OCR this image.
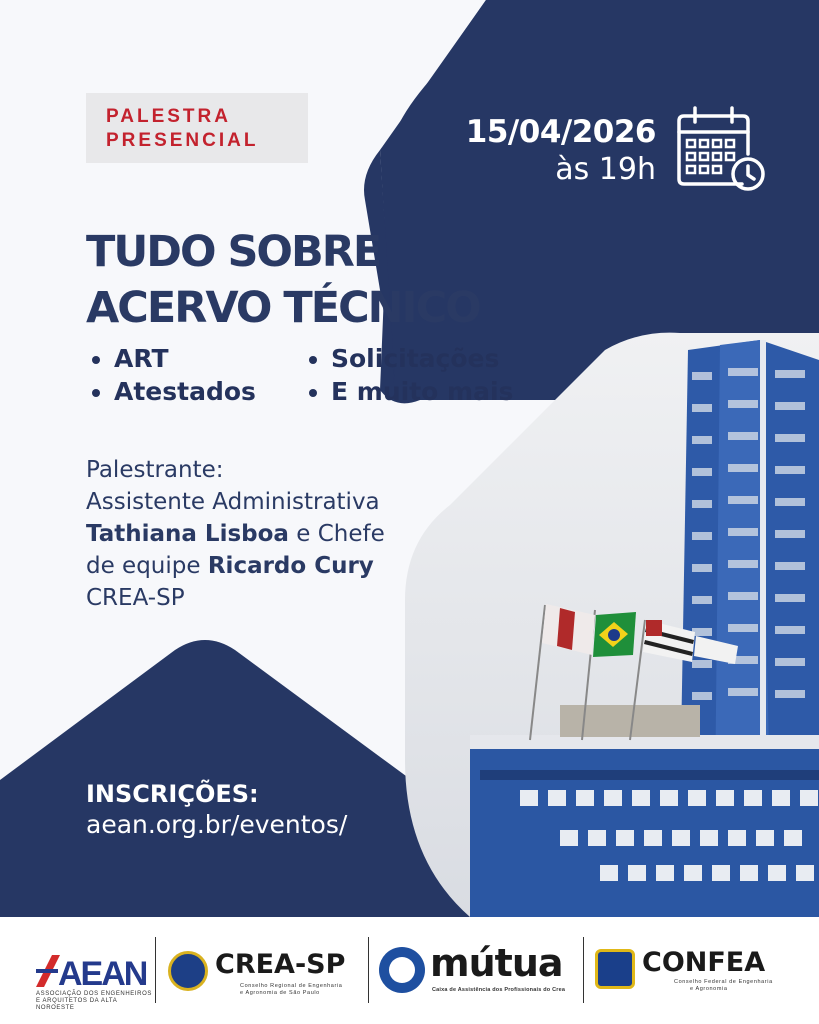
PALESTRA
PRESENCIAL	15/04/2026
às 19h
TUDO SOBRE
ACERVO TÉCNICO
ART
Atestados
Solicitações
E muito mais
Palestrante:
Assistente Administrativa
Tathiana Lisboa e Chefe
de equipe Ricardo Cury
CREA-SP
INSCRIÇÕES:
aean.org.br/eventos/
AEAN
ASSOCIAÇÃO DOS ENGENHEIROS
E ARQUITETOS DA ALTA NOROESTE
CREA-SP
Conselho Regional de Engenharia
e Agronomia de São Paulo
mútua
Caixa de Assistência dos Profissionais do Crea
CONFEA
Conselho Federal de Engenharia
e Agronomia
